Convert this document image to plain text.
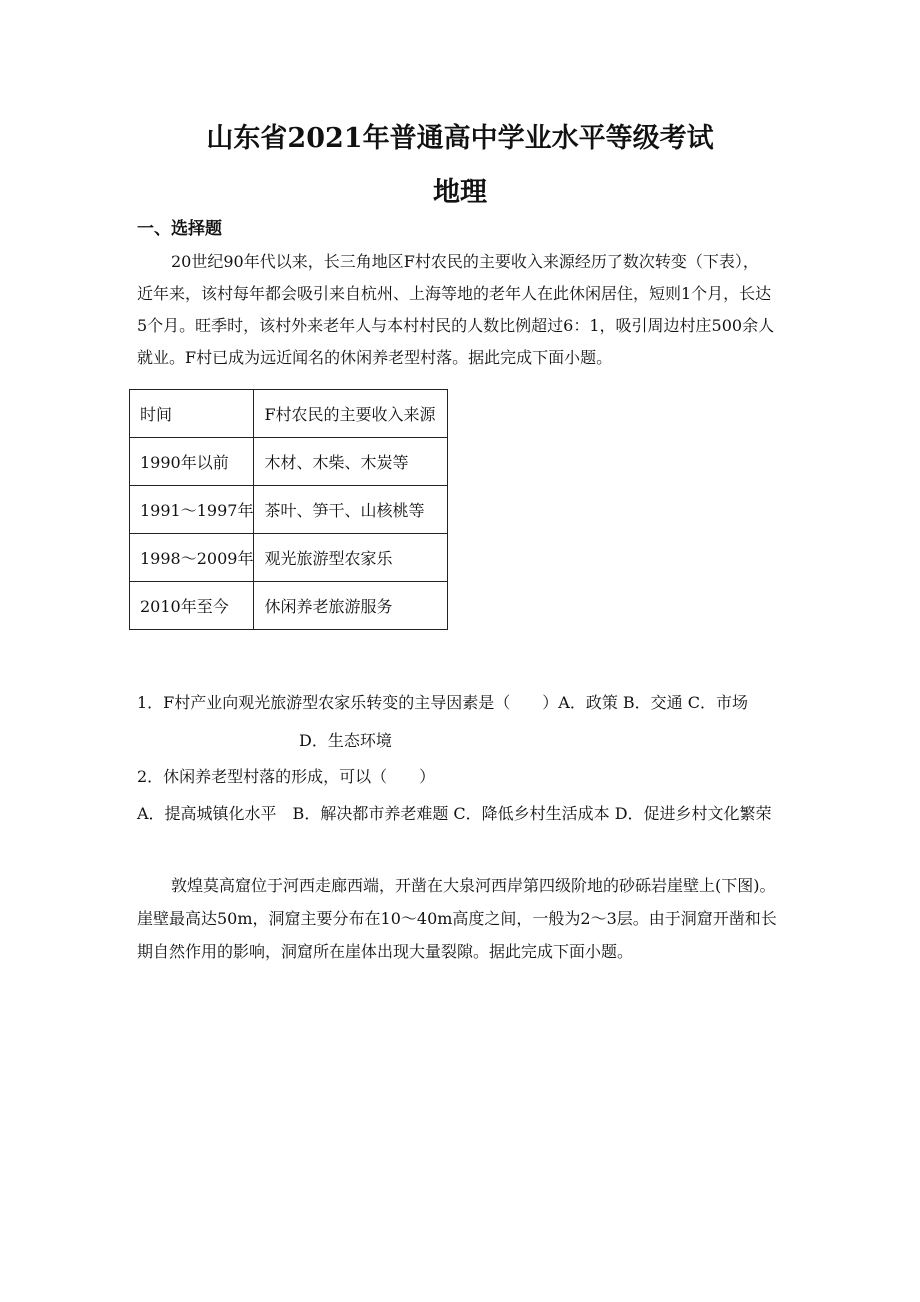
山东省2021年普通高中学业水平等级考试
地理
一、选择题
20世纪90年代以来，长三角地区F村农民的主要收入来源经历了数次转变（下表），
近年来，该村每年都会吸引来自杭州、上海等地的老年人在此休闲居住，短则1个月，长达
5个月。旺季时，该村外来老年人与本村村民的人数比例超过6：1，吸引周边村庄500余人
就业。F村已成为远近闻名的休闲养老型村落。据此完成下面小题。
时间	F村农民的主要收入来源
1990年以前	木材、木柴、木炭等
1991～1997年	茶叶、笋干、山核桃等
1998～2009年	观光旅游型农家乐
2010年至今	休闲养老旅游服务
1．F村产业向观光旅游型农家乐转变的主导因素是（　　）A．政策 B．交通 C．市场
D．生态环境
2．休闲养老型村落的形成，可以（　　）
A．提高城镇化水平　B．解决都市养老难题 C．降低乡村生活成本 D．促进乡村文化繁荣
敦煌莫高窟位于河西走廊西端，开凿在大泉河西岸第四级阶地的砂砾岩崖壁上(下图)。
崖壁最高达50m，洞窟主要分布在10～40m高度之间，一般为2～3层。由于洞窟开凿和长
期自然作用的影响，洞窟所在崖体出现大量裂隙。据此完成下面小题。
